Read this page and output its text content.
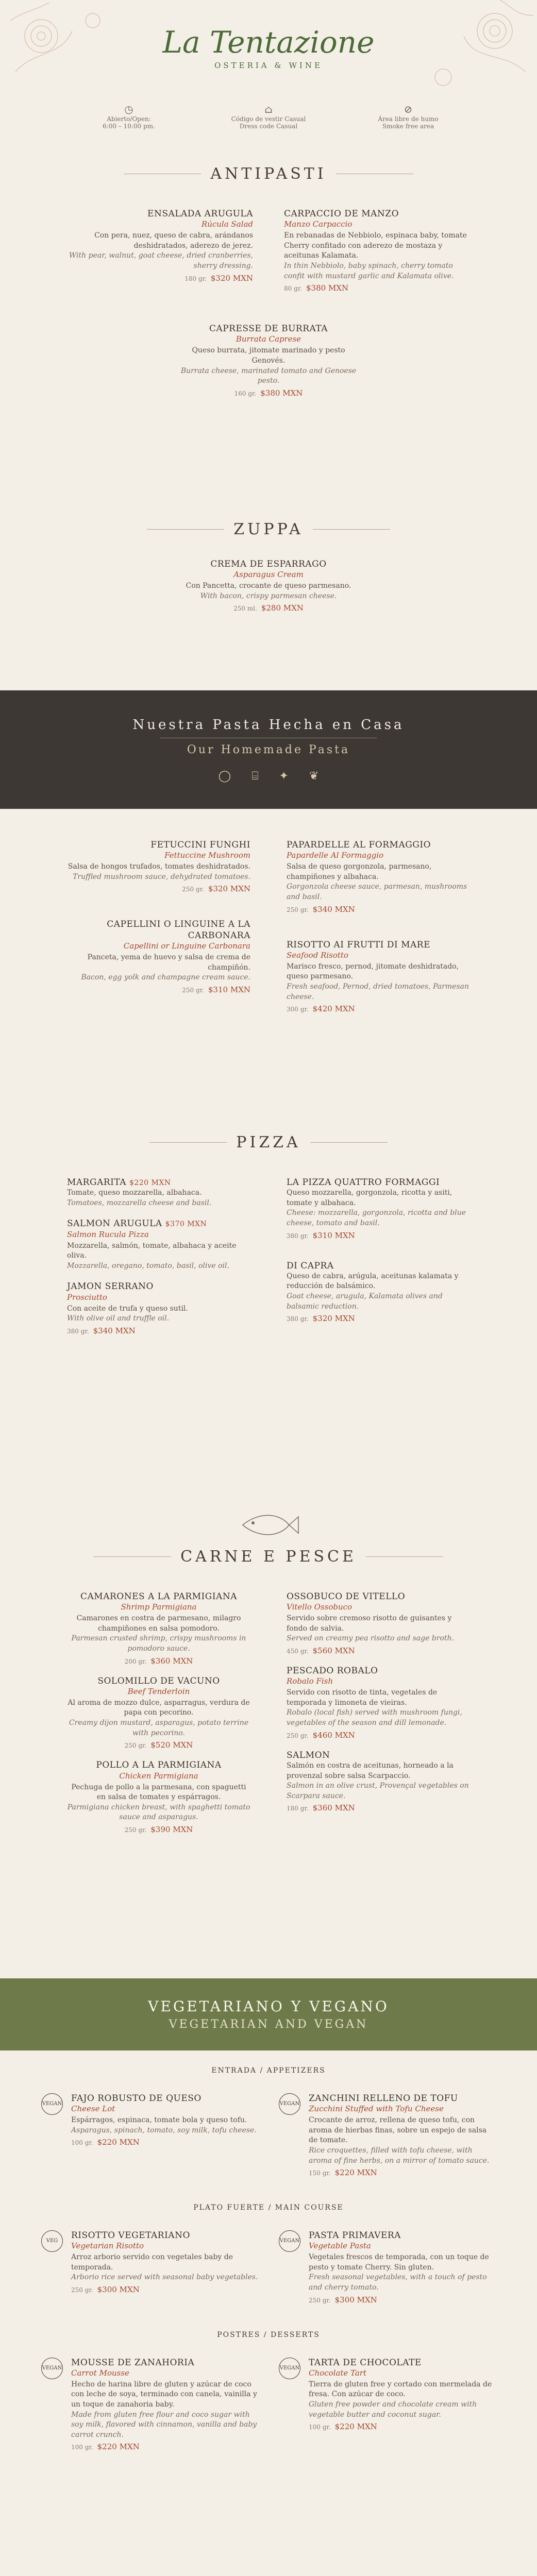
La Tentazione
OSTERIA & WINE
◷
Abierto/Open:
6:00 – 10:00 pm.
⌂
Código de vestir Casual
Dress code Casual
⊘
Área libre de humo
Smoke free area
ANTIPASTI
ENSALADA ARUGULA
Rúcula Salad

Con pera, nuez, queso de cabra, arándanos deshidratados, aderezo de jerez.

With pear, walnut, goat cheese, dried cranberries, sherry dressing.

180 gr. $320 MXN
CARPACCIO DE MANZO
Manzo Carpaccio

En rebanadas de Nebbiolo, espinaca baby, tomate Cherry confitado con aderezo de mostaza y aceitunas Kalamata.

In thin Nebbiolo, baby spinach, cherry tomato confit with mustard garlic and Kalamata olive.

80 gr. $380 MXN
CAPRESSE DE BURRATA
Burrata Caprese

Queso burrata, jitomate marinado y pesto Genovés.

Burrata cheese, marinated tomato and Genoese pesto.

160 gr. $380 MXN
ZUPPA
CREMA DE ESPARRAGO
Asparagus Cream

Con Pancetta, crocante de queso parmesano.

With bacon, crispy parmesan cheese.

250 ml. $280 MXN
Nuestra Pasta Hecha en Casa
Our Homemade Pasta
◯ ⌸ ✦ ❦
FETUCCINI FUNGHI
Fettuccine Mushroom

Salsa de hongos trufados, tomates deshidratados.

Truffled mushroom sauce, dehydrated tomatoes.

250 gr. $320 MXN
CAPELLINI O LINGUINE A LA CARBONARA
Capellini or Linguine Carbonara

Panceta, yema de huevo y salsa de crema de champiñón.

Bacon, egg yolk and champagne cream sauce.

250 gr. $310 MXN
PAPARDELLE AL FORMAGGIO
Papardelle Al Formaggio

Salsa de queso gorgonzola, parmesano, champiñones y albahaca.

Gorgonzola cheese sauce, parmesan, mushrooms and basil.

250 gr. $340 MXN
RISOTTO AI FRUTTI DI MARE
Seafood Risotto

Marisco fresco, pernod, jitomate deshidratado, queso parmesano.

Fresh seafood, Pernod, dried tomatoes, Parmesan cheese.

300 gr. $420 MXN
PIZZA
MARGARITA $220 MXN

Tomate, queso mozzarella, albahaca.

Tomatoes, mozzarella cheese and basil.

SALMON ARUGULA $370 MXN
Salmon Rucula Pizza

Mozzarella, salmón, tomate, albahaca y aceite oliva.

Mozzarella, oregano, tomato, basil, olive oil.

JAMON SERRANO
Prosciutto

Con aceite de trufa y queso sutil.

With olive oil and truffle oil.

380 gr. $340 MXN
LA PIZZA QUATTRO FORMAGGI

Queso mozzarella, gorgonzola, ricotta y asiti, tomate y albahaca.

Cheese: mozzarella, gorgonzola, ricotta and blue cheese, tomato and basil.

380 gr. $310 MXN
DI CAPRA

Queso de cabra, arúgula, aceitunas kalamata y reducción de balsámico.

Goat cheese, arugula, Kalamata olives and balsamic reduction.

380 gr. $320 MXN
CARNE E PESCE
CAMARONES A LA PARMIGIANA
Shrimp Parmigiana

Camarones en costra de parmesano, milagro champiñones en salsa pomodoro.

Parmesan crusted shrimp, crispy mushrooms in pomodoro sauce.

200 gr. $360 MXN
SOLOMILLO DE VACUNO
Beef Tenderloin

Al aroma de mozzo dulce, asparragus, verdura de papa con pecorino.

Creamy dijon mustard, asparagus, potato terrine with pecorino.

250 gr. $520 MXN
POLLO A LA PARMIGIANA
Chicken Parmigiana

Pechuga de pollo a la parmesana, con spaguetti en salsa de tomates y espárragos.

Parmigiana chicken breast, with spaghetti tomato sauce and asparagus.

250 gr. $390 MXN
OSSOBUCO DE VITELLO
Vitello Ossobuco

Servido sobre cremoso risotto de guisantes y fondo de salvia.

Served on creamy pea risotto and sage broth.

450 gr. $560 MXN
PESCADO ROBALO
Robalo Fish

Servido con risotto de tinta, vegetales de temporada y limoneta de vieiras.

Robalo (local fish) served with mushroom fungi, vegetables of the season and dill lemonade.

250 gr. $460 MXN
SALMON

Salmón en costra de aceitunas, horneado a la provenzal sobre salsa Scarpaccio.

Salmon in an olive crust, Provençal vegetables on Scarpara sauce.

180 gr. $360 MXN
VEGETARIANO Y VEGANO
VEGETARIAN AND VEGAN
ENTRADA / APPETIZERS
VEGAN
FAJO ROBUSTO DE QUESO
Cheese Lot

Espárragos, espinaca, tomate bola y queso tofu.

Asparagus, spinach, tomato, soy milk, tofu cheese.

100 gr. $220 MXN
VEGAN
ZANCHINI RELLENO DE TOFU
Zucchini Stuffed with Tofu Cheese

Crocante de arroz, rellena de queso tofu, con aroma de hierbas finas, sobre un espejo de salsa de tomate.

Rice croquettes, filled with tofu cheese, with aroma of fine herbs, on a mirror of tomato sauce.

150 gr. $220 MXN
PLATO FUERTE / MAIN COURSE
VEG
RISOTTO VEGETARIANO
Vegetarian Risotto

Arroz arborio servido con vegetales baby de temporada.

Arborio rice served with seasonal baby vegetables.

250 gr. $300 MXN
VEGAN
PASTA PRIMAVERA
Vegetable Pasta

Vegetales frescos de temporada, con un toque de pesto y tomate Cherry. Sin gluten.

Fresh seasonal vegetables, with a touch of pesto and cherry tomato.

250 gr. $300 MXN
POSTRES / DESSERTS
VEGAN
MOUSSE DE ZANAHORIA
Carrot Mousse

Hecho de harina libre de gluten y azúcar de coco con leche de soya, terminado con canela, vainilla y un toque de zanahoria baby.

Made from gluten free flour and coco sugar with soy milk, flavored with cinnamon, vanilla and baby carrot crunch.

100 gr. $220 MXN
VEGAN
TARTA DE CHOCOLATE
Chocolate Tart

Tierra de gluten free y cortado con mermelada de fresa. Con azúcar de coco.

Gluten free powder and chocolate cream with vegetable butter and coconut sugar.

100 gr. $220 MXN
